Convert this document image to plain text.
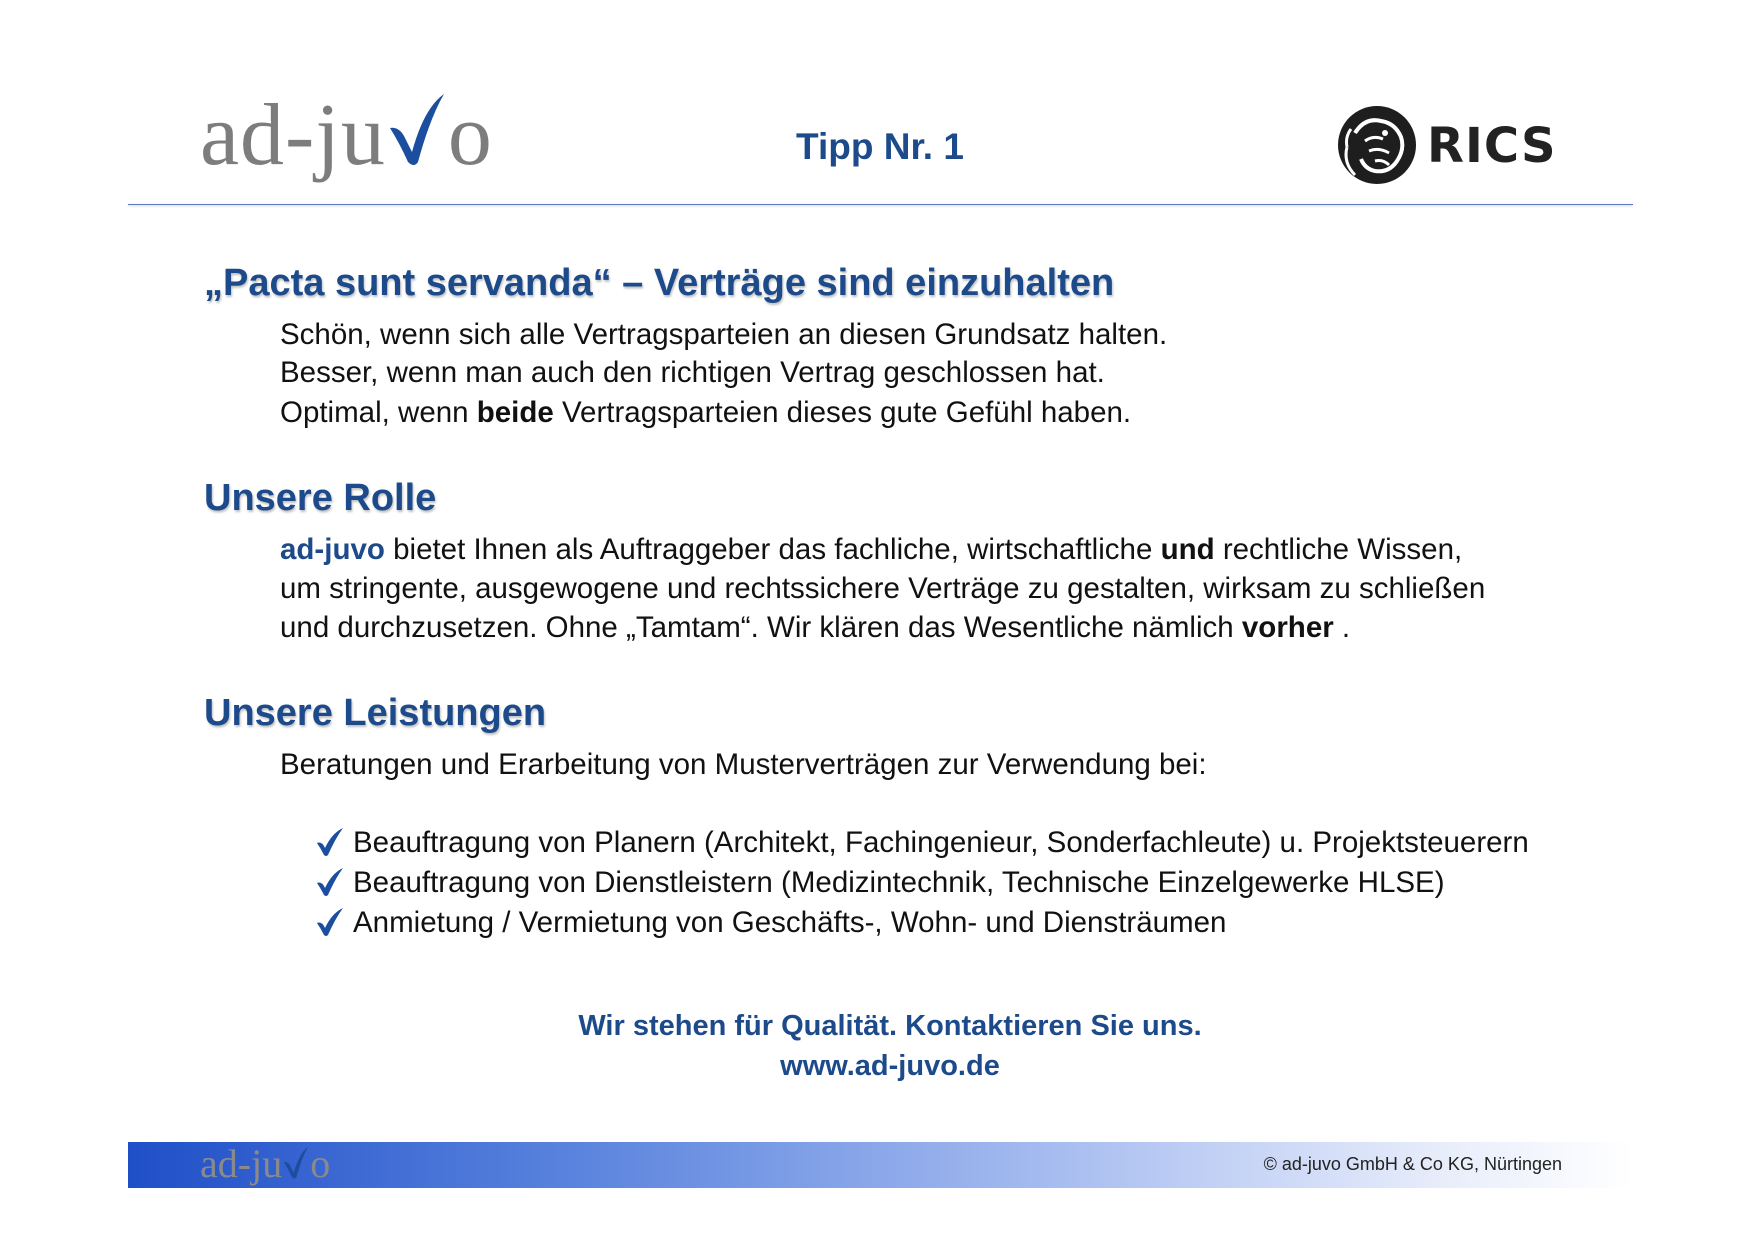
ad-ju o	Tipp Nr. 1	RICS
„Pacta sunt servanda“ – Verträge sind einzuhalten
Schön, wenn sich alle Vertragsparteien an diesen Grundsatz halten.
Besser, wenn man auch den richtigen Vertrag geschlossen hat.
Optimal, wenn beide Vertragsparteien dieses gute Gefühl haben.
Unsere Rolle
ad-juvo bietet Ihnen als Auftraggeber das fachliche, wirtschaftliche und rechtliche Wissen,
um stringente, ausgewogene und rechtssichere Verträge zu gestalten, wirksam zu schließen
und durchzusetzen. Ohne „Tamtam“. Wir klären das Wesentliche nämlich vorher .
Unsere Leistungen
Beratungen und Erarbeitung von Musterverträgen zur Verwendung bei:
Beauftragung von Planern (Architekt, Fachingenieur, Sonderfachleute) u. Projektsteuerern
Beauftragung von Dienstleistern (Medizintechnik, Technische Einzelgewerke HLSE)
Anmietung / Vermietung von Geschäfts-, Wohn- und Diensträumen
Wir stehen für Qualität. Kontaktieren Sie uns.
www.ad-juvo.de
ad-ju o	© ad-juvo GmbH & Co KG, Nürtingen
